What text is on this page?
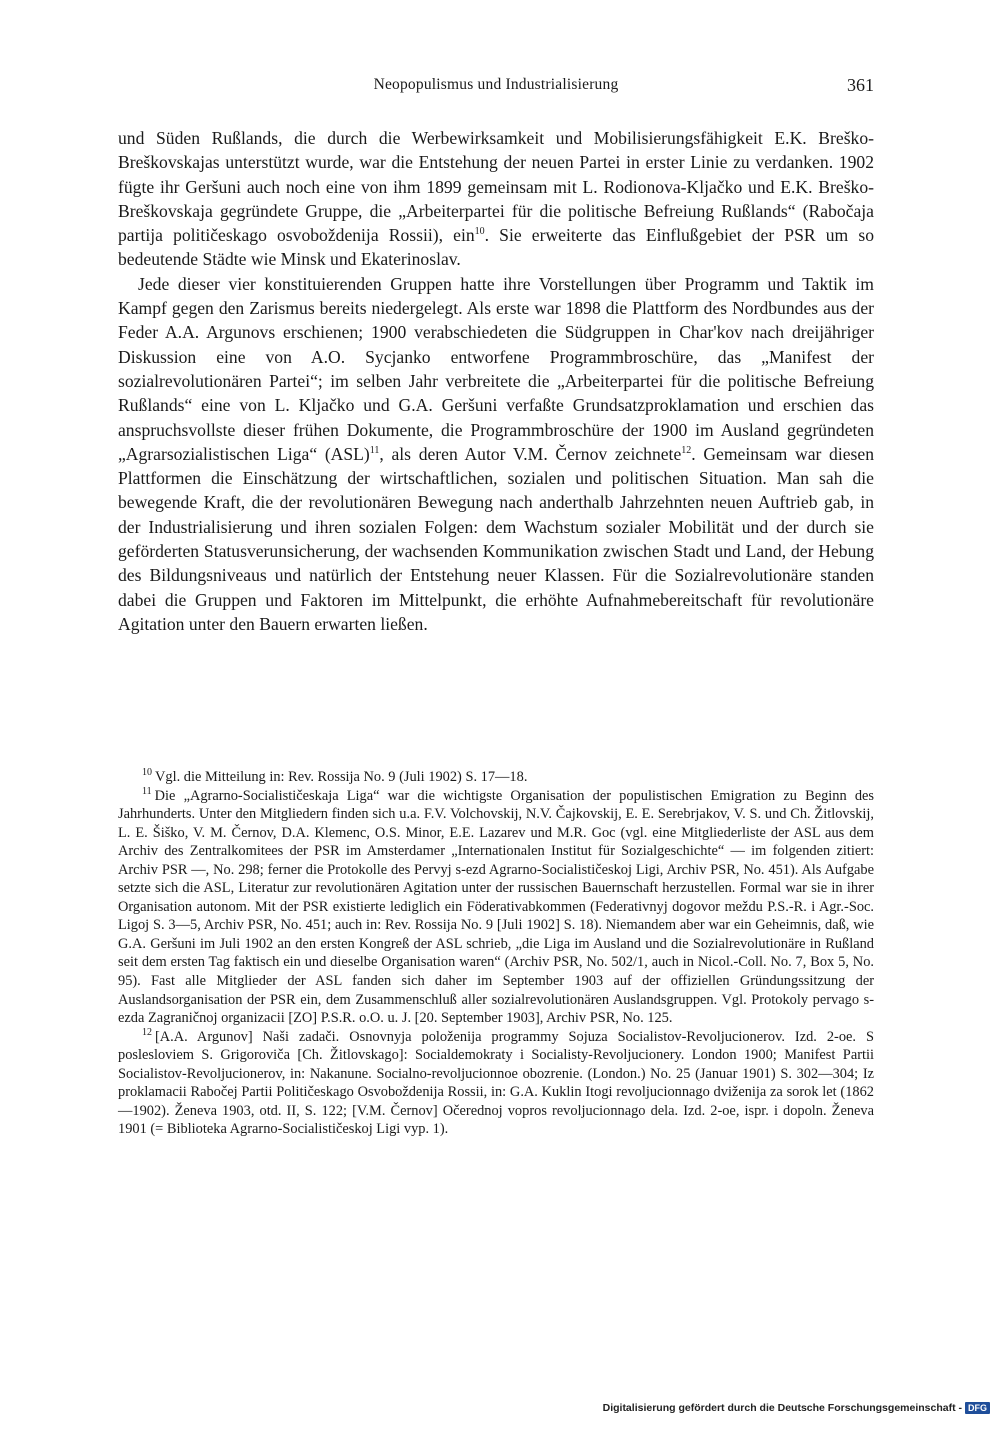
Neopopulismus und Industrialisierung	361

und Süden Rußlands, die durch die Werbewirksamkeit und Mobilisierungsfähigkeit E.K. Breško-Breškovskajas unterstützt wurde, war die Entstehung der neuen Partei in erster Linie zu verdanken. 1902 fügte ihr Geršuni auch noch eine von ihm 1899 gemeinsam mit L. Rodionova-Kljačko und E.K. Breško-Breškovskaja gegründete Gruppe, die „Arbeiterpartei für die politische Befreiung Rußlands“ (Rabočaja partija političeskago osvoboždenija Rossii), ein$^{10}$. Sie erweiterte das Einflußgebiet der PSR um so bedeutende Städte wie Minsk und Ekaterinoslav.

Jede dieser vier konstituierenden Gruppen hatte ihre Vorstellungen über Programm und Taktik im Kampf gegen den Zarismus bereits niedergelegt. Als erste war 1898 die Plattform des Nordbundes aus der Feder A.A. Argunovs erschienen; 1900 verabschiedeten die Südgruppen in Char'kov nach dreijähriger Diskussion eine von A.O. Sycjanko entworfene Programmbroschüre, das „Manifest der sozialrevolutionären Partei“; im selben Jahr verbreitete die „Arbeiterpartei für die politische Befreiung Rußlands“ eine von L. Kljačko und G.A. Geršuni verfaßte Grundsatzproklamation und erschien das anspruchsvollste dieser frühen Dokumente, die Programmbroschüre der 1900 im Ausland gegründeten „Agrarsozialistischen Liga“ (ASL)$^{11}$, als deren Autor V.M. Černov zeichnete$^{12}$. Gemeinsam war diesen Plattformen die Einschätzung der wirtschaftlichen, sozialen und politischen Situation. Man sah die bewegende Kraft, die der revolutionären Bewegung nach anderthalb Jahrzehnten neuen Auftrieb gab, in der Industrialisierung und ihren sozialen Folgen: dem Wachstum sozialer Mobilität und der durch sie geförderten Statusverunsicherung, der wachsenden Kommunikation zwischen Stadt und Land, der Hebung des Bildungsniveaus und natürlich der Entstehung neuer Klassen. Für die Sozialrevolutionäre standen dabei die Gruppen und Faktoren im Mittelpunkt, die erhöhte Aufnahmebereitschaft für revolutionäre Agitation unter den Bauern erwarten ließen.

$^{10}$ Vgl. die Mitteilung in: Rev. Rossija No. 9 (Juli 1902) S. 17—18.

$^{11}$ Die „Agrarno-Socialističeskaja Liga“ war die wichtigste Organisation der populistischen Emigration zu Beginn des Jahrhunderts. Unter den Mitgliedern finden sich u.a. F.V. Volchovskij, N.V. Čajkovskij, E. E. Serebrjakov, V. S. und Ch. Žitlovskij, L. E. Šiško, V. M. Černov, D.A. Klemenc, O.S. Minor, E.E. Lazarev und M.R. Goc (vgl. eine Mitgliederliste der ASL aus dem Archiv des Zentralkomitees der PSR im Amsterdamer „Internationalen Institut für Sozialgeschichte“ — im folgenden zitiert: Archiv PSR —, No. 298; ferner die Protokolle des Pervyj s-ezd Agrarno-Socialističeskoj Ligi, Archiv PSR, No. 451). Als Aufgabe setzte sich die ASL, Literatur zur revolutionären Agitation unter der russischen Bauernschaft herzustellen. Formal war sie in ihrer Organisation autonom. Mit der PSR existierte lediglich ein Föderativabkommen (Federativnyj dogovor meždu P.S.-R. i Agr.-Soc. Ligoj S. 3—5, Archiv PSR, No. 451; auch in: Rev. Rossija No. 9 [Juli 1902] S. 18). Niemandem aber war ein Geheimnis, daß, wie G.A. Geršuni im Juli 1902 an den ersten Kongreß der ASL schrieb, „die Liga im Ausland und die Sozialrevolutionäre in Rußland seit dem ersten Tag faktisch ein und dieselbe Organisation waren“ (Archiv PSR, No. 502/1, auch in Nicol.-Coll. No. 7, Box 5, No. 95). Fast alle Mitglieder der ASL fanden sich daher im September 1903 auf der offiziellen Gründungssitzung der Auslandsorganisation der PSR ein, dem Zusammenschluß aller sozialrevolutionären Auslandsgruppen. Vgl. Protokoly pervago s-ezda Zagraničnoj organizacii [ZO] P.S.R. o.O. u. J. [20. September 1903], Archiv PSR, No. 125.

$^{12}$ [A.A. Argunov] Naši zadači. Osnovnyja položenija programmy Sojuza Socialistov-Revoljucionerov. Izd. 2-oe. S poslesloviem S. Grigoroviča [Ch. Žitlovskago]: Socialdemokraty i Socialisty-Revoljucionery. London 1900; Manifest Partii Socialistov-Revoljucionerov, in: Nakanune. Socialno-revoljucionnoe obozrenie. (London.) No. 25 (Januar 1901) S. 302—304; Iz proklamacii Rabočej Partii Političeskago Osvoboždenija Rossii, in: G.A. Kuklin Itogi revoljucionnago dviženija za sorok let (1862—1902). Ženeva 1903, otd. II, S. 122; [V.M. Černov] Očerednoj vopros revoljucionnago dela. Izd. 2-oe, ispr. i dopoln. Ženeva 1901 (= Biblioteka Agrarno-Socialističeskoj Ligi vyp. 1).

Digitalisierung gefördert durch die Deutsche Forschungsgemeinschaft - DFG
